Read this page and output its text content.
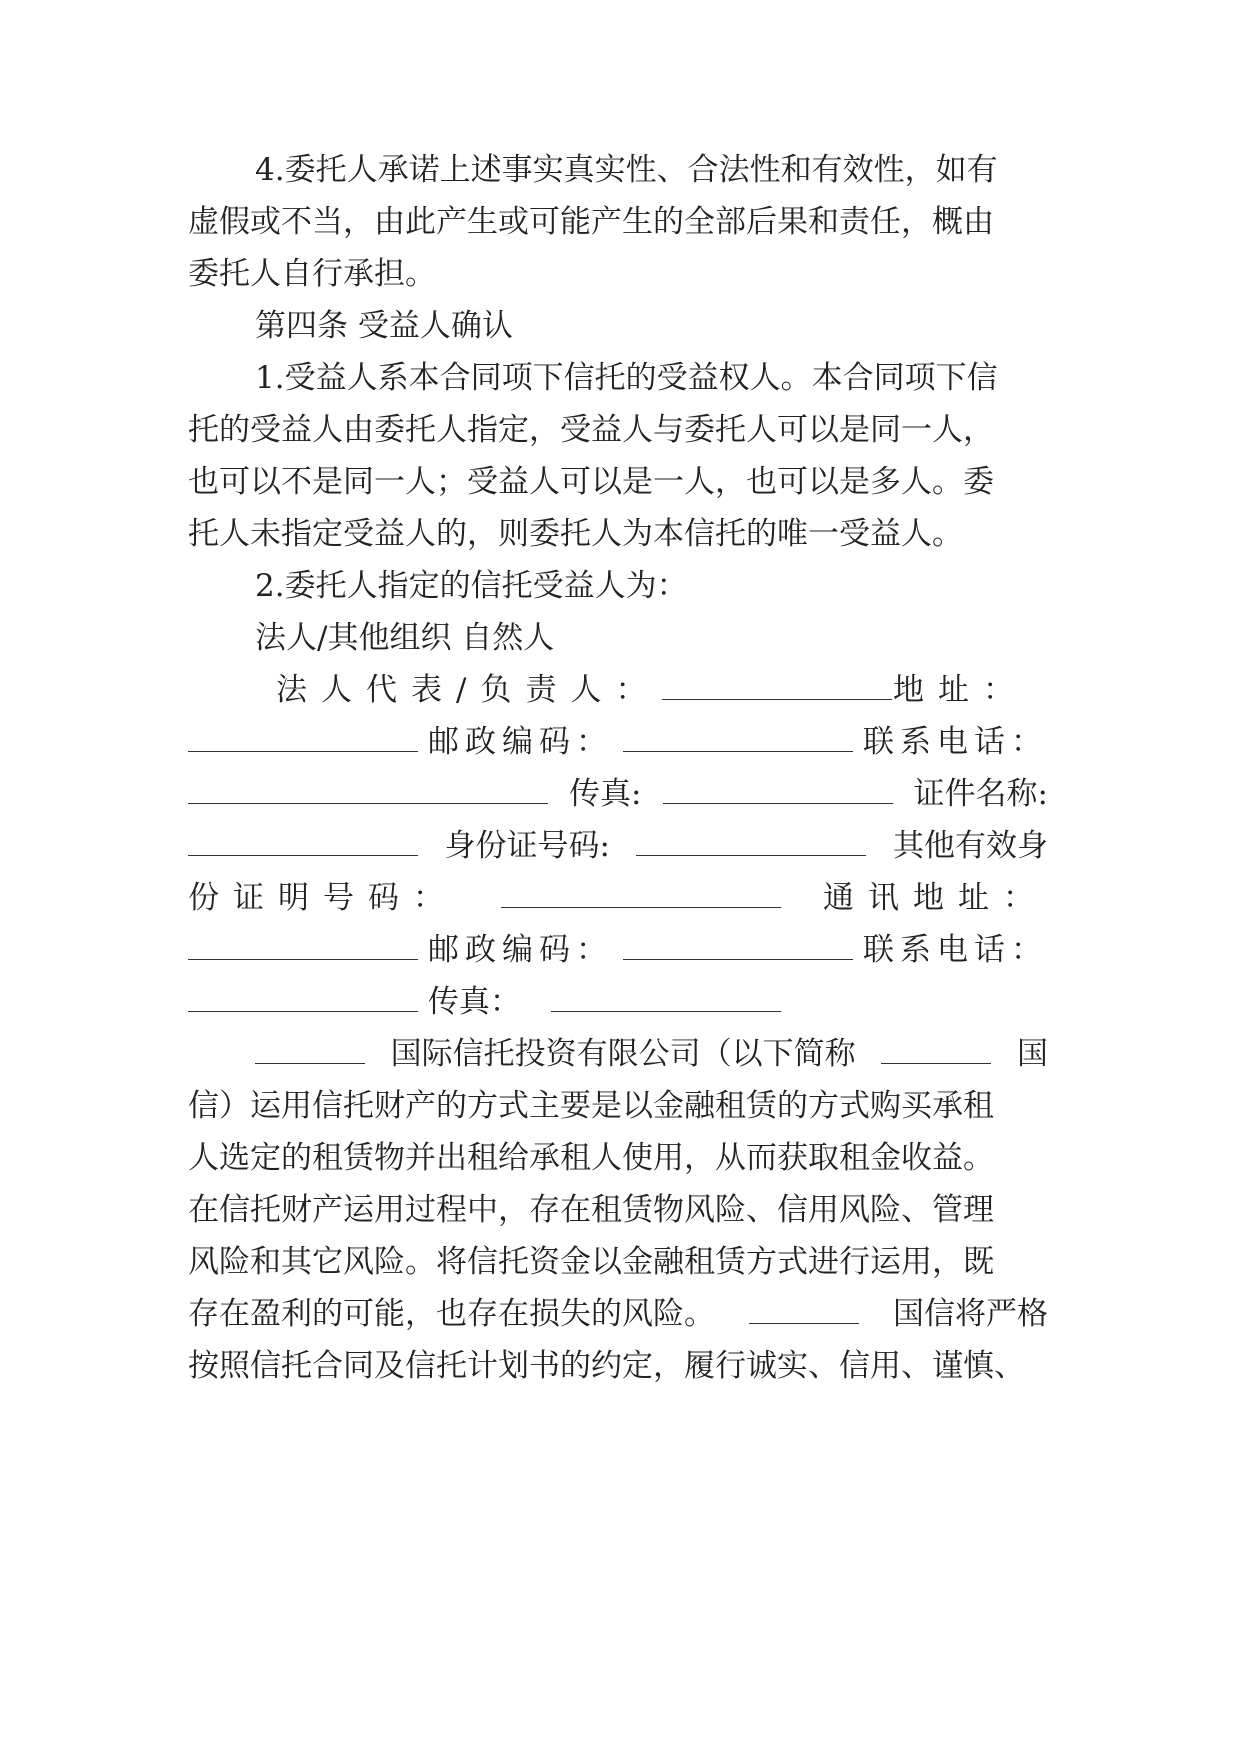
4.委托人承诺上述事实真实性、合法性和有效性，如有
虚假或不当，由此产生或可能产生的全部后果和责任，概由
委托人自行承担。
第四条 受益人确认
1.受益人系本合同项下信托的受益权人。本合同项下信
托的受益人由委托人指定，受益人与委托人可以是同一人，
也可以不是同一人；受益人可以是一人，也可以是多人。委
托人未指定受益人的，则委托人为本信托的唯一受益人。
2.委托人指定的信托受益人为：
法人/其他组织 自然人
法人代表/负责人：	地址：
邮政编码：	联系电话：
传真:	证件名称:
身份证号码:	其他有效身
份证明号码：	通讯地址：
邮政编码：	联系电话：
传真：
国际信托投资有限公司（以下简称	国
信）运用信托财产的方式主要是以金融租赁的方式购买承租
人选定的租赁物并出租给承租人使用，从而获取租金收益。
在信托财产运用过程中，存在租赁物风险、信用风险、管理
风险和其它风险。将信托资金以金融租赁方式进行运用，既
存在盈利的可能，也存在损失的风险。	国信将严格
按照信托合同及信托计划书的约定，履行诚实、信用、谨慎、
